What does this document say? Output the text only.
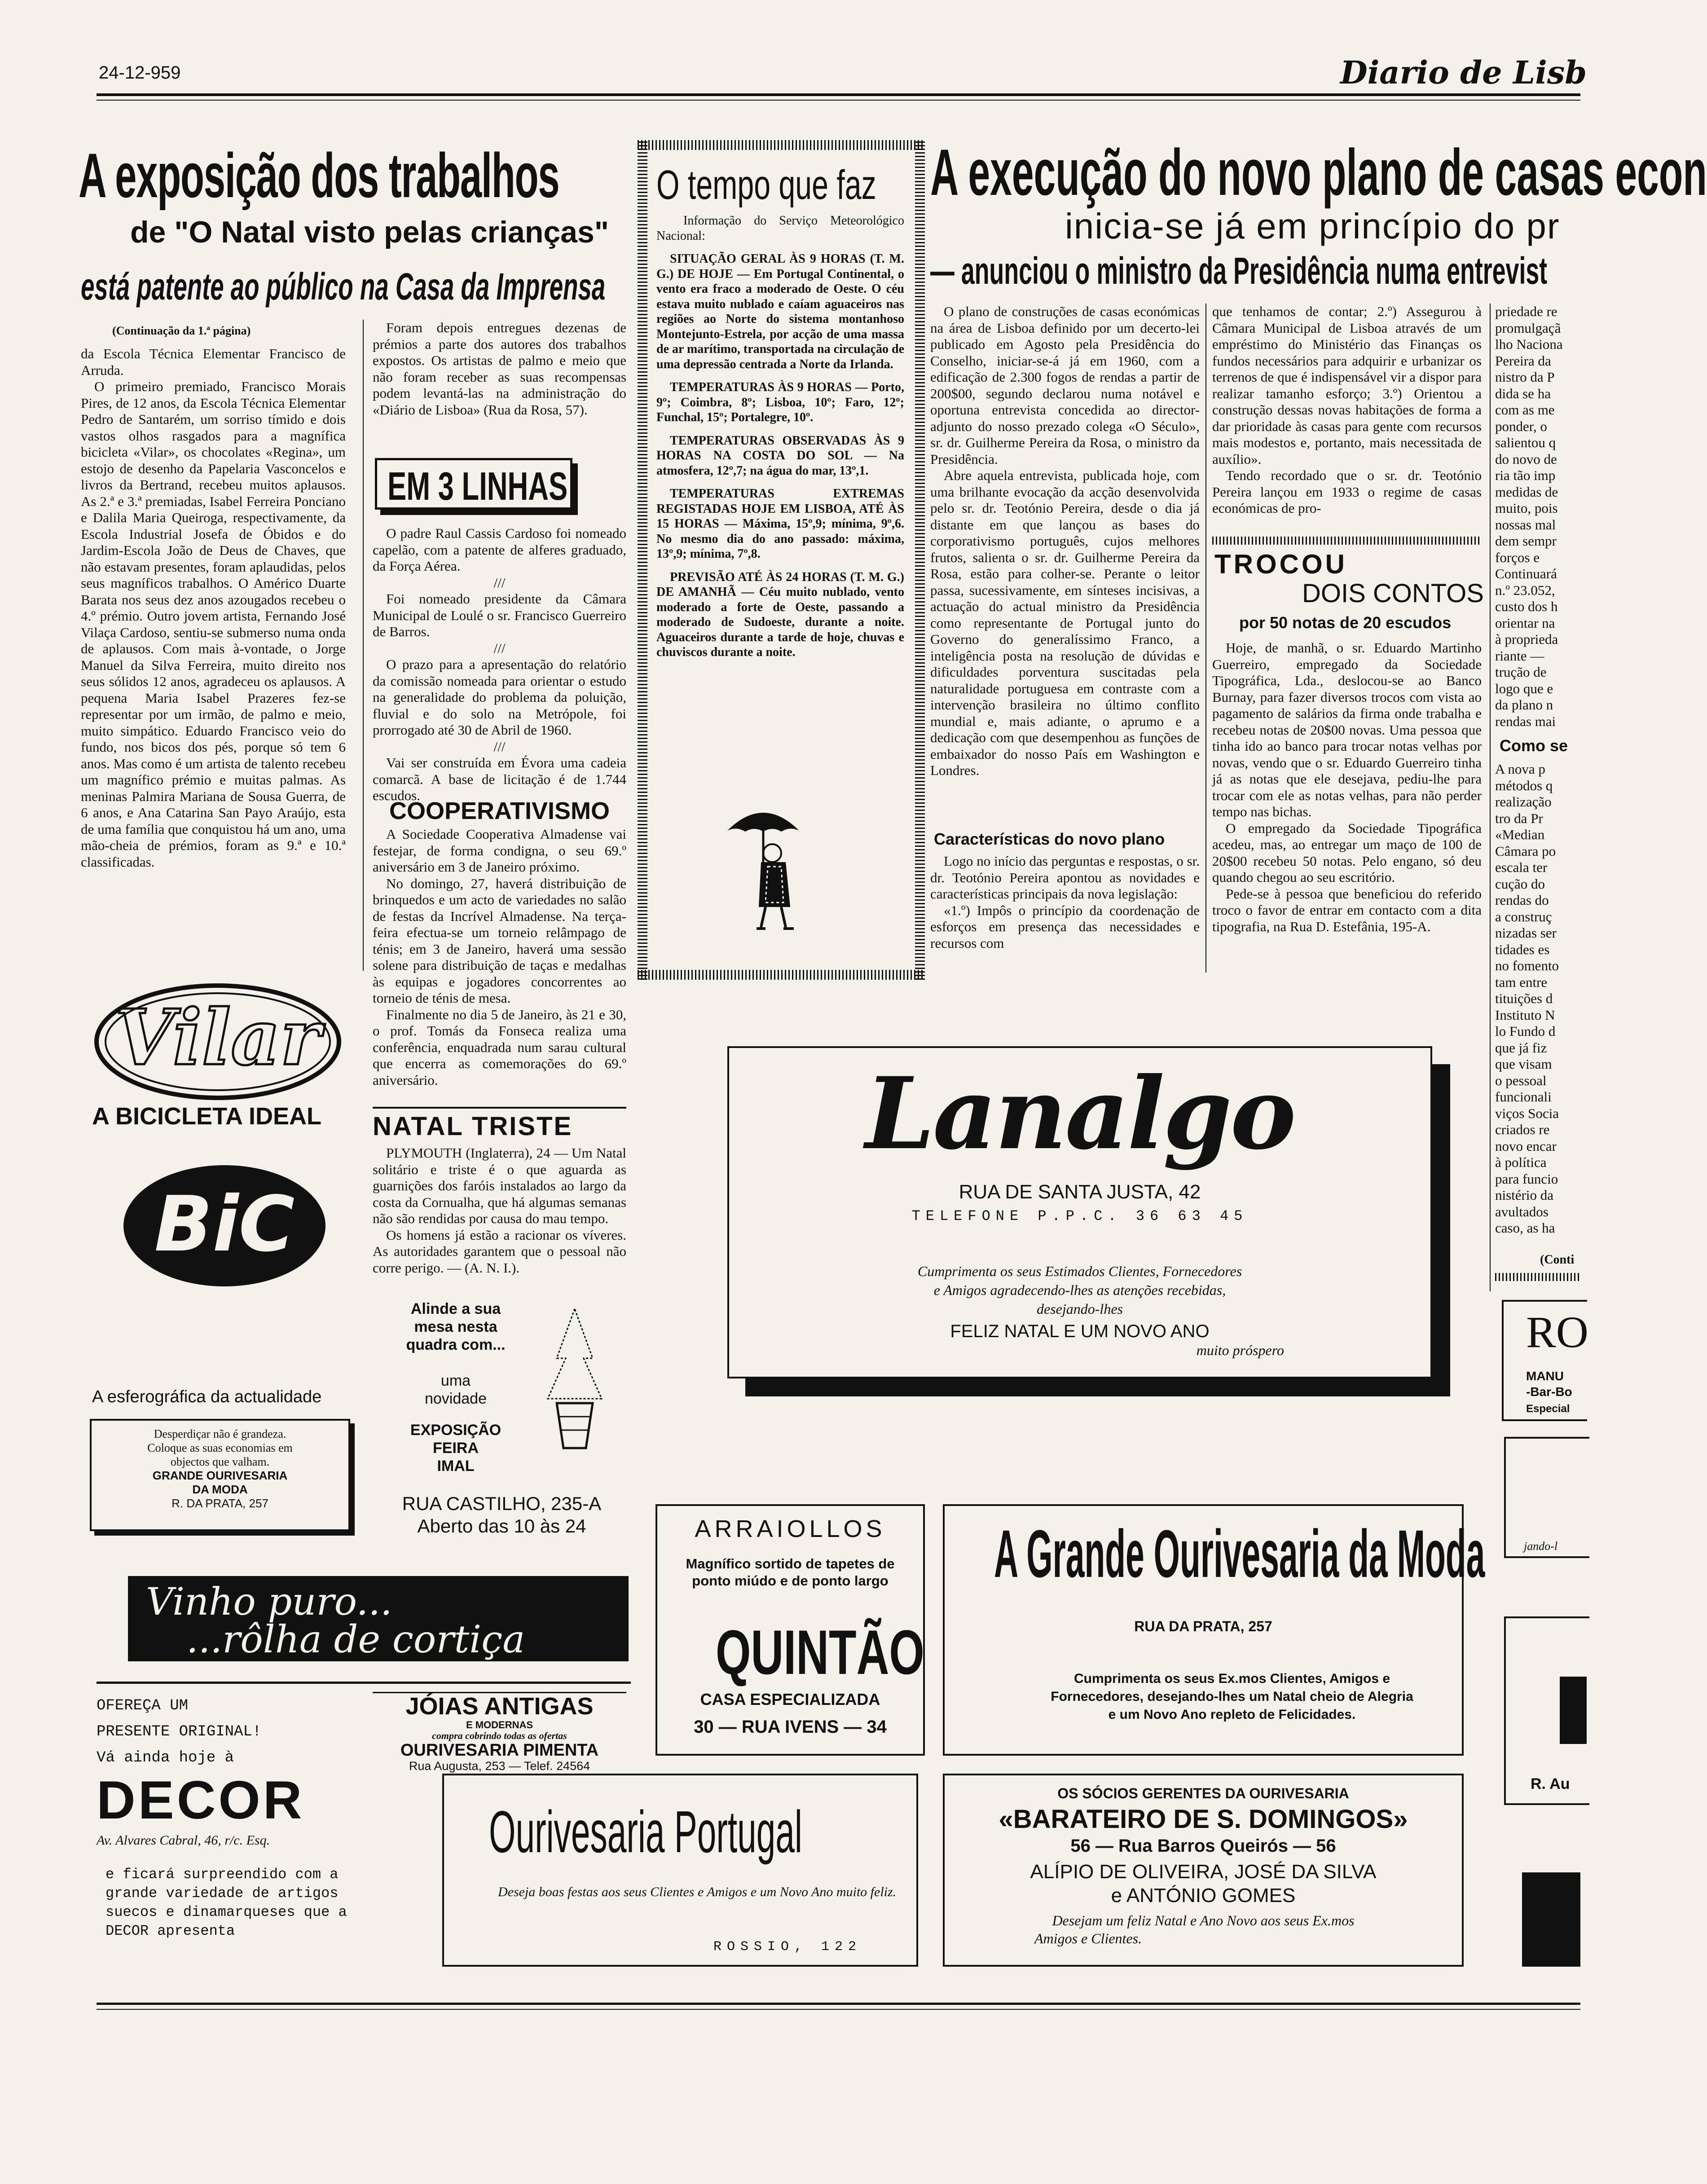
24-12-959	Diario de Lisb
A exposição dos trabalhos
de "O Natal visto pelas crianças"
está patente ao público na Casa da Imprensa
(Continuação da 1.ª página)

da Escola Técnica Elementar Francisco de Arruda.

O primeiro premiado, Francisco Morais Pires, de 12 anos, da Escola Técnica Elementar Pedro de Santarém, um sorriso tímido e dois vastos olhos rasgados para a magnífica bicicleta «Vilar», os chocolates «Regina», um estojo de desenho da Papelaria Vasconcelos e livros da Bertrand, recebeu muitos aplausos. As 2.ª e 3.ª premiadas, Isabel Ferreira Ponciano e Dalila Maria Queiroga, respectivamente, da Escola Industrial Josefa de Óbidos e do Jardim-Escola João de Deus de Chaves, que não estavam presentes, foram aplaudidas, pelos seus magníficos trabalhos. O Américo Duarte Barata nos seus dez anos azougados recebeu o 4.º prémio. Outro jovem artista, Fernando José Vilaça Cardoso, sentiu-se submerso numa onda de aplausos. Com mais à-vontade, o Jorge Manuel da Silva Ferreira, muito direito nos seus sólidos 12 anos, agradeceu os aplausos. A pequena Maria Isabel Prazeres fez-se representar por um irmão, de palmo e meio, muito simpático. Eduardo Francisco veio do fundo, nos bicos dos pés, porque só tem 6 anos. Mas como é um artista de talento recebeu um magnífico prémio e muitas palmas. As meninas Palmira Mariana de Sousa Guerra, de 6 anos, e Ana Catarina San Payo Araújo, esta de uma família que conquistou há um ano, uma mão-cheia de prémios, foram as 9.ª e 10.ª classificadas.

Foram depois entregues dezenas de prémios a parte dos autores dos trabalhos expostos. Os artistas de palmo e meio que não foram receber as suas recompensas podem levantá-las na administração do «Diário de Lisboa» (Rua da Rosa, 57).

EM 3 LINHAS

O padre Raul Cassis Cardoso foi nomeado capelão, com a patente de alferes graduado, da Força Aérea.

///

Foi nomeado presidente da Câmara Municipal de Loulé o sr. Francisco Guerreiro de Barros.

///

O prazo para a apresentação do relatório da comissão nomeada para orientar o estudo na generalidade do problema da poluição, fluvial e do solo na Metrópole, foi prorrogado até 30 de Abril de 1960.

///

Vai ser construída em Évora uma cadeia comarcã. A base de licitação é de 1.744 escudos.

COOPERATIVISMO

A Sociedade Cooperativa Almadense vai festejar, de forma condigna, o seu 69.º aniversário em 3 de Janeiro próximo.

No domingo, 27, haverá distribuição de brinquedos e um acto de variedades no salão de festas da Incrível Almadense. Na terça-feira efectua-se um torneio relâmpago de ténis; em 3 de Janeiro, haverá uma sessão solene para distribuição de taças e medalhas às equipas e jogadores concorrentes ao torneio de ténis de mesa.

Finalmente no dia 5 de Janeiro, às 21 e 30, o prof. Tomás da Fonseca realiza uma conferência, enquadrada num sarau cultural que encerra as comemorações do 69.º aniversário.

NATAL TRISTE

PLYMOUTH (Inglaterra), 24 — Um Natal solitário e triste é o que aguarda as guarnições dos faróis instalados ao largo da costa da Cornualha, que há algumas semanas não são rendidas por causa do mau tempo.

Os homens já estão a racionar os víveres. As autoridades garantem que o pessoal não corre perigo. — (A. N. I.).

O tempo que faz

Informação do Serviço Meteorológico Nacional:

SITUAÇÃO GERAL ÀS 9 HORAS (T. M. G.) DE HOJE — Em Portugal Continental, o vento era fraco a moderado de Oeste. O céu estava muito nublado e caíam aguaceiros nas regiões ao Norte do sistema montanhoso Montejunto-Estrela, por acção de uma massa de ar marítimo, transportada na circulação de uma depressão centrada a Norte da Irlanda.

TEMPERATURAS ÀS 9 HORAS — Porto, 9º; Coimbra, 8º; Lisboa, 10º; Faro, 12º; Funchal, 15º; Portalegre, 10º.

TEMPERATURAS OBSERVADAS ÀS 9 HORAS NA COSTA DO SOL — Na atmosfera, 12º,7; na água do mar, 13º,1.

TEMPERATURAS EXTREMAS REGISTADAS HOJE EM LISBOA, ATÉ ÀS 15 HORAS — Máxima, 15º,9; mínima, 9º,6. No mesmo dia do ano passado: máxima, 13º,9; mínima, 7º,8.

PREVISÃO ATÉ ÀS 24 HORAS (T. M. G.) DE AMANHÃ — Céu muito nublado, vento moderado a forte de Oeste, passando a moderado de Sudoeste, durante a noite. Aguaceiros durante a tarde de hoje, chuvas e chuviscos durante a noite.

A execução do novo plano de casas econ
inicia-se já em princípio do pr
— anunciou o ministro da Presidência numa entrevist

O plano de construções de casas económicas na área de Lisboa definido por um decerto-lei publicado em Agosto pela Presidência do Conselho, iniciar-se-á já em 1960, com a edificação de 2.300 fogos de rendas a partir de 200$00, segundo declarou numa notável e oportuna entrevista concedida ao director-adjunto do nosso prezado colega «O Século», sr. dr. Guilherme Pereira da Rosa, o ministro da Presidência.

Abre aquela entrevista, publicada hoje, com uma brilhante evocação da acção desenvolvida pelo sr. dr. Teotónio Pereira, desde o dia já distante em que lançou as bases do corporativismo português, cujos melhores frutos, salienta o sr. dr. Guilherme Pereira da Rosa, estão para colher-se. Perante o leitor passa, sucessivamente, em sínteses incisivas, a actuação do actual ministro da Presidência como representante de Portugal junto do Governo do generalíssimo Franco, a inteligência posta na resolução de dúvidas e dificuldades porventura suscitadas pela naturalidade portuguesa em contraste com a intervenção brasileira no último conflito mundial e, mais adiante, o aprumo e a dedicação com que desempenhou as funções de embaixador do nosso País em Washington e Londres.

Características do novo plano

Logo no início das perguntas e respostas, o sr. dr. Teotónio Pereira apontou as novidades e características principais da nova legislação:

«1.º) Impôs o princípio da coordenação de esforços em presença das necessidades e recursos com

que tenhamos de contar; 2.º) Assegurou à Câmara Municipal de Lisboa através de um empréstimo do Ministério das Finanças os fundos necessários para adquirir e urbanizar os terrenos de que é indispensável vir a dispor para realizar tamanho esforço; 3.º) Orientou a construção dessas novas habitações de forma a dar prioridade às casas para gente com recursos mais modestos e, portanto, mais necessitada de auxílio».

Tendo recordado que o sr. dr. Teotónio Pereira lançou em 1933 o regime de casas económicas de pro-

TROCOU
DOIS CONTOS
por 50 notas de 20 escudos

Hoje, de manhã, o sr. Eduardo Martinho Guerreiro, empregado da Sociedade Tipográfica, Lda., deslocou-se ao Banco Burnay, para fazer diversos trocos com vista ao pagamento de salários da firma onde trabalha e recebeu notas de 20$00 novas. Uma pessoa que tinha ido ao banco para trocar notas velhas por novas, vendo que o sr. Eduardo Guerreiro tinha já as notas que ele desejava, pediu-lhe para trocar com ele as notas velhas, para não perder tempo nas bichas.

O empregado da Sociedade Tipográfica acedeu, mas, ao entregar um maço de 100 de 20$00 recebeu 50 notas. Pelo engano, só deu quando chegou ao seu escritório.

Pede-se à pessoa que beneficiou do referido troco o favor de entrar em contacto com a dita tipografia, na Rua D. Estefânia, 195-A.

priedade re
promulgaçã
lho Naciona
Pereira da
nistro da P
dida se ha
com as me
ponder, o
salientou q
do novo de
ria tão imp
medidas de
muito, pois
nossas mal
dem sempr
forços e
Continuará
n.º 23.052,
custo dos h
orientar na
à proprieda
riante —
trução de
logo que e
da plano n
rendas mai
Como se
A nova p
métodos q
realização
tro da Pr
«Median
Câmara po
escala ter
cução do
rendas do
a construç
nizadas ser
tidades es
no fomento
tam entre
tituições d
Instituto N
lo Fundo d
que já fiz
que visam
o pessoal
funcionali
viços Socia
criados re
novo encar
à política
para funcio
nistério da
avultados
caso, as ha
(Conti
Vilar
A BICICLETA IDEAL
BiC
A esferográfica da actualidade
Desperdiçar não é grandeza.
Coloque as suas economias em
objectos que valham.
GRANDE OURIVESARIA
DA MODA
R. DA PRATA, 257
Vinho puro...
...rôlha de cortiça
OFEREÇA UM
PRESENTE ORIGINAL!
Vá ainda hoje à
DECOR
Av. Alvares Cabral, 46, r/c. Esq.
e ficará surpreendido com a grande variedade de artigos suecos e dinamarqueses que a DECOR apresenta
Alinde a sua
mesa nesta
quadra com...
uma
novidade
EXPOSIÇÃO
FEIRA
IMAL
RUA CASTILHO, 235-A
Aberto das 10 às 24
JÓIAS ANTIGAS
E MODERNAS
compra cobrindo todas as ofertas
OURIVESARIA PIMENTA
Rua Augusta, 253 — Telef. 24564
Lanalgo
RUA DE SANTA JUSTA, 42
TELEFONE P.P.C. 36 63 45
Cumprimenta os seus Estimados Clientes, Fornecedores
e Amigos agradecendo-lhes as atenções recebidas,
desejando-lhes
FELIZ NATAL E UM NOVO ANO
muito próspero
ARRAIOLLOS
Magnífico sortido de tapetes de ponto miúdo e de ponto largo
QUINTÃO
CASA ESPECIALIZADA
30 — RUA IVENS — 34
A Grande Ourivesaria da Moda
RUA DA PRATA, 257
Cumprimenta os seus Ex.mos Clientes, Amigos e Fornecedores, desejando-lhes um Natal cheio de Alegria e um Novo Ano repleto de Felicidades.
Ourivesaria Portugal
Deseja boas festas aos seus Clientes e Amigos e um Novo Ano muito feliz.
ROSSIO, 122
OS SÓCIOS GERENTES DA OURIVESARIA
«BARATEIRO DE S. DOMINGOS»
56 — Rua Barros Queirós — 56
ALÍPIO DE OLIVEIRA, JOSÉ DA SILVA
e ANTÓNIO GOMES
Desejam um feliz Natal e Ano Novo aos seus Ex.mos
Amigos e Clientes.
RO
MANU
-Bar-Bo
Especial
jando-l
R. Au
